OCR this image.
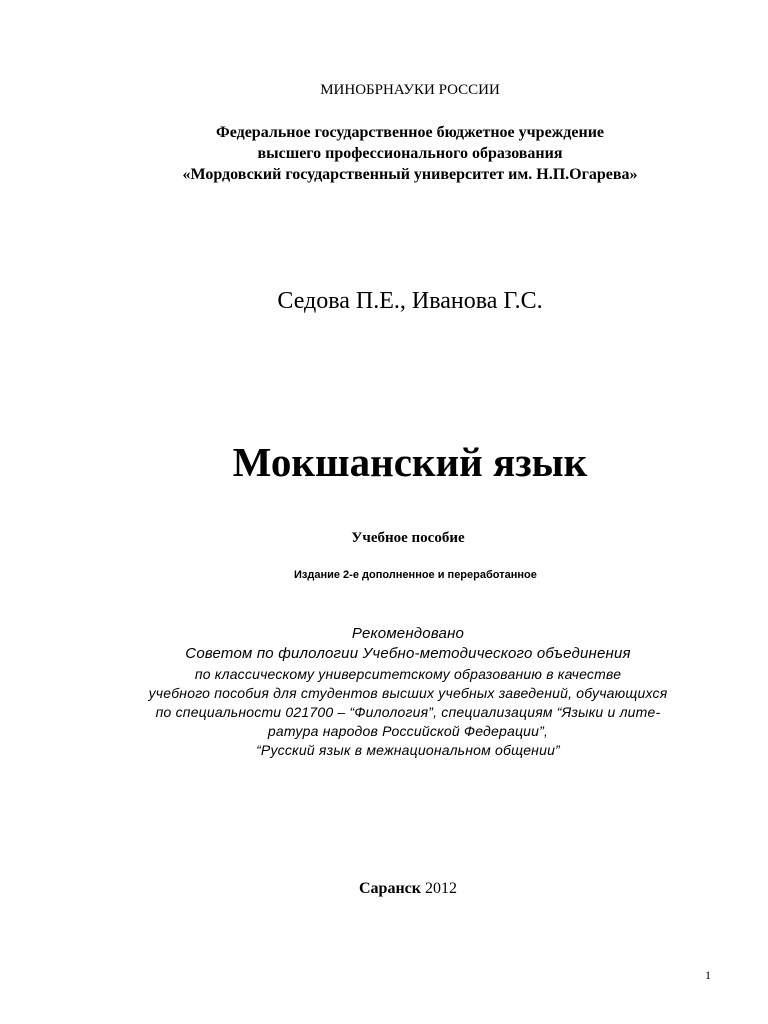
МИНОБРНАУКИ РОССИИ
Федеральное государственное бюджетное учреждение
высшего профессионального образования
«Мордовский государственный университет им. Н.П.Огарева»
Седова П.Е., Иванова Г.С.
Мокшанский язык
Учебное пособие
Издание 2-е дополненное и переработанное
Рекомендовано
Советом по филологии Учебно-методического объединения
по классическому университетскому образованию в качестве
учебного пособия для студентов высших учебных заведений, обучающихся
по специальности 021700 – “Филология”, специализациям “Языки и лите-
ратура народов Российской Федерации”,
“Русский язык в межнациональном общении”
Саранск 2012
1
